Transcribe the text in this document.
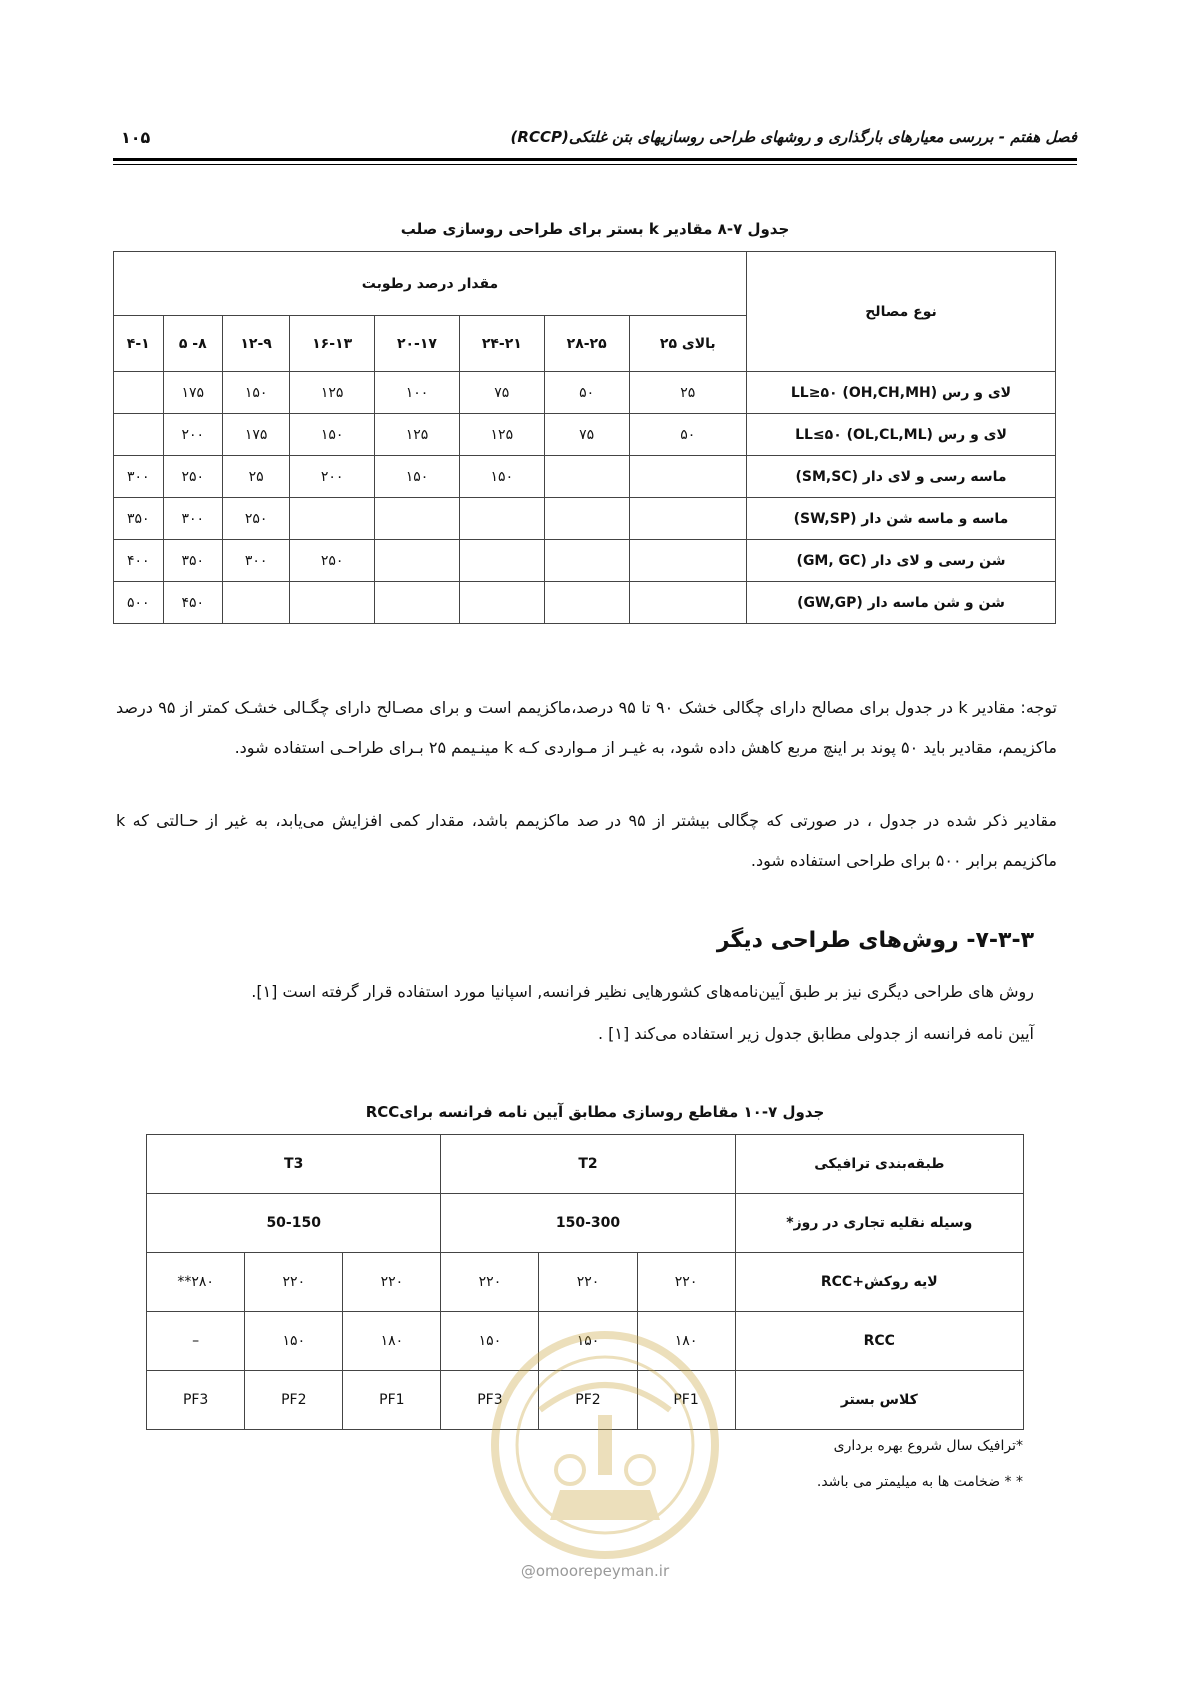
فصل هفتم - بررسی معیارهای بارگذاری و روشهای طراحی روسازیهای بتن غلتکی(RCCP)
۱۰۵
جدول ۷-۸ مقادیر k بستر برای طراحی روسازی صلب
نوع مصالح	مقدار درصد رطوبت							
	بالای ۲۵	۲۸-۲۵	۲۴-۲۱	۲۰-۱۷	۱۶-۱۳	۱۲-۹	۸- ۵	۴-۱
لای و رس (OH,CH,MH) LL≥۵۰	۲۵	۵۰	۷۵	۱۰۰	۱۲۵	۱۵۰	۱۷۵	
لای و رس (OL,CL,ML) LL≤۵۰	۵۰	۷۵	۱۲۵	۱۲۵	۱۵۰	۱۷۵	۲۰۰	
ماسه رسی و لای دار (SM,SC)			۱۵۰	۱۵۰	۲۰۰	۲۵	۲۵۰	۳۰۰
ماسه و ماسه شن دار (SW,SP)						۲۵۰	۳۰۰	۳۵۰
شن رسی و لای دار (GM, GC)					۲۵۰	۳۰۰	۳۵۰	۴۰۰
شن و شن ماسه دار (GW,GP)							۴۵۰	۵۰۰
توجه: مقادیر k در جدول برای مصالح دارای چگالی خشک ۹۰ تا ۹۵ درصد،ماکزیمم است و برای مصـالح دارای چگـالی خشـک کمتر از ۹۵ درصد ماکزیمم، مقادیر باید ۵۰ پوند بر اینچ مربع کاهش داده شود، به غیـر از مـواردی کـه k مینـیمم ۲۵ بـرای طراحـی استفاده شود.
مقادیر ذکر شده در جدول ، در صورتی که چگالی بیشتر از ۹۵ در صد ماکزیمم باشد، مقدار کمی افزایش می‌یابد، به غیر از حـالتی که k ماکزیمم برابر ۵۰۰ برای طراحی استفاده شود.
۷-۳-۳- روش‌های طراحی دیگر
روش های طراحی دیگری نیز بر طبق آیین‌نامه‌های کشورهایی نظیر فرانسه, اسپانیا مورد استفاده قرار گرفته است [۱].
آیین نامه فرانسه از جدولی مطابق جدول زیر استفاده می‌کند [۱] .
جدول ۷-۱۰ مقاطع روسازی مطابق آیین نامه فرانسه برایRCC
طبقه‌بندی ترافیکی	T2			T3		
وسیله نقلیه تجاری در روز*	150-300			50-150		
لایه روکش+RCC	۲۲۰	۲۲۰	۲۲۰	۲۲۰	۲۲۰	۲۸۰**
RCC	۱۸۰	۱۵۰	۱۵۰	۱۸۰	۱۵۰	–
کلاس بستر	PF1	PF2	PF3	PF1	PF2	PF3
*ترافیک سال شروع بهره برداری
* * ضخامت ها به میلیمتر می باشد.
@omoorepeyman.ir
